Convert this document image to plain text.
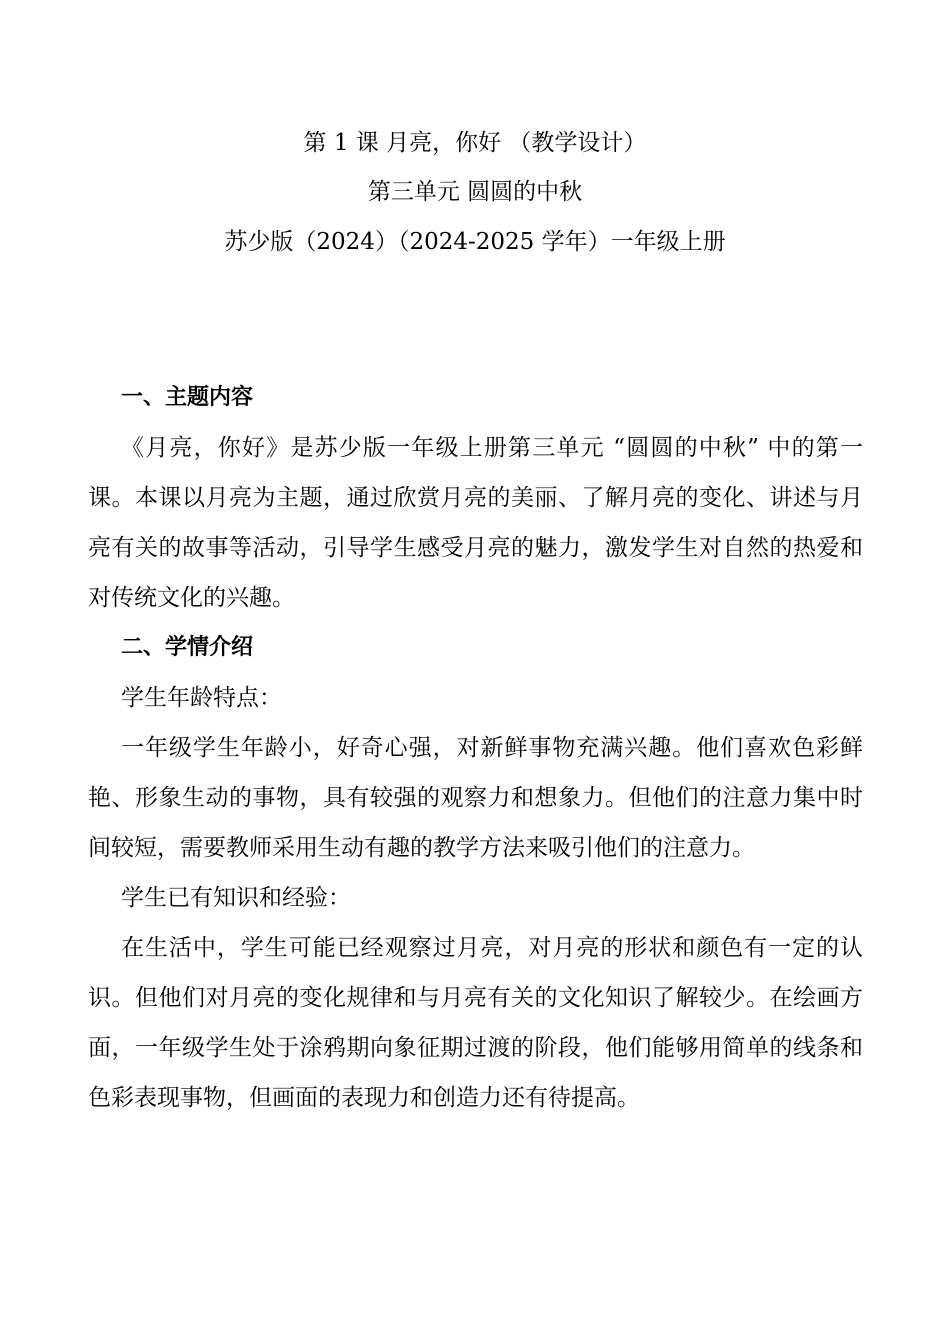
第 1 课 月亮，你好 （教学设计）
第三单元 圆圆的中秋
苏少版（2024）（2024-2025 学年）一年级上册
一、主题内容

《月亮，你好》是苏少版一年级上册第三单元 “圆圆的中秋” 中的第一课。本课以月亮为主题，通过欣赏月亮的美丽、了解月亮的变化、讲述与月亮有关的故事等活动，引导学生感受月亮的魅力，激发学生对自然的热爱和对传统文化的兴趣。

二、学情介绍
学生年龄特点：

一年级学生年龄小，好奇心强，对新鲜事物充满兴趣。他们喜欢色彩鲜艳、形象生动的事物，具有较强的观察力和想象力。但他们的注意力集中时间较短，需要教师采用生动有趣的教学方法来吸引他们的注意力。

学生已有知识和经验：

在生活中，学生可能已经观察过月亮，对月亮的形状和颜色有一定的认识。但他们对月亮的变化规律和与月亮有关的文化知识了解较少。在绘画方面，一年级学生处于涂鸦期向象征期过渡的阶段，他们能够用简单的线条和色彩表现事物，但画面的表现力和创造力还有待提高。
